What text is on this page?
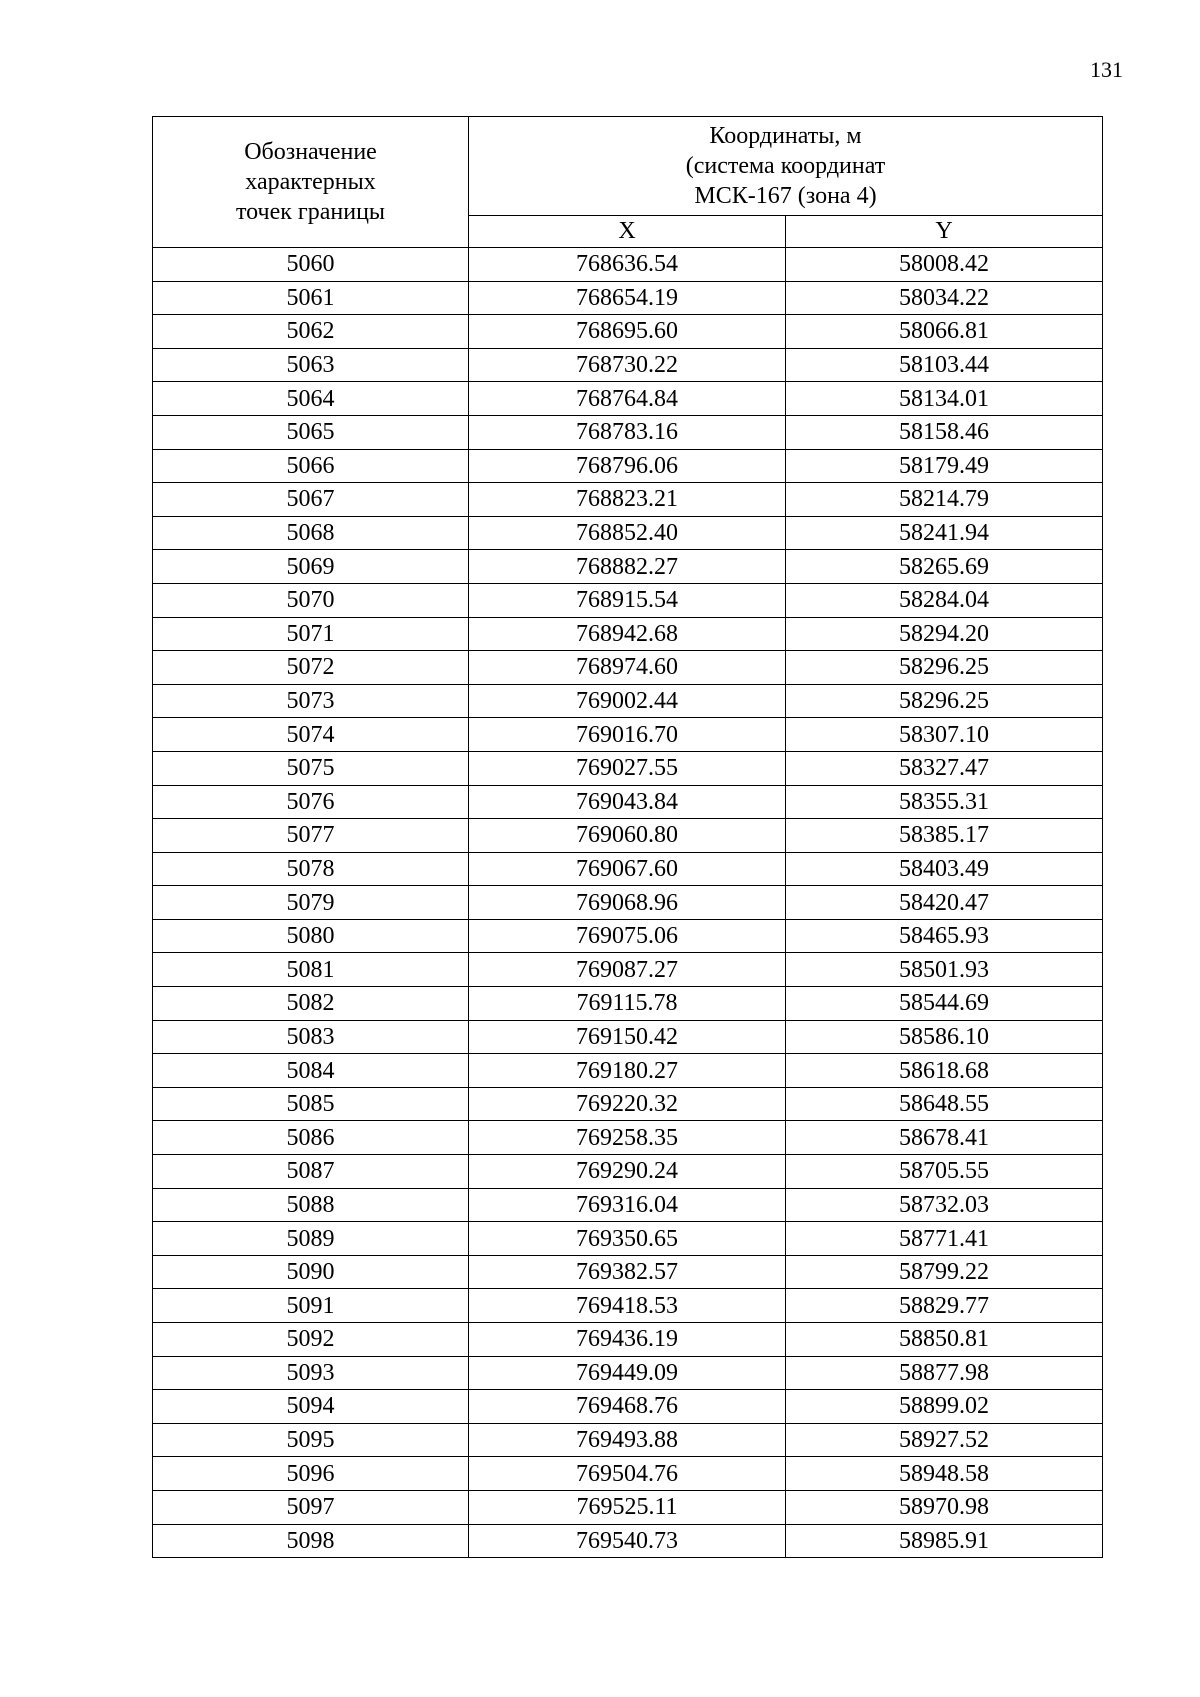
131
Обозначение
характерных
точек границы	Координаты, м
(система координат
МСК-167 (зона 4)	

	X	Y
5060	768636.54	58008.42
5061	768654.19	58034.22
5062	768695.60	58066.81
5063	768730.22	58103.44
5064	768764.84	58134.01
5065	768783.16	58158.46
5066	768796.06	58179.49
5067	768823.21	58214.79
5068	768852.40	58241.94
5069	768882.27	58265.69
5070	768915.54	58284.04
5071	768942.68	58294.20
5072	768974.60	58296.25
5073	769002.44	58296.25
5074	769016.70	58307.10
5075	769027.55	58327.47
5076	769043.84	58355.31
5077	769060.80	58385.17
5078	769067.60	58403.49
5079	769068.96	58420.47
5080	769075.06	58465.93
5081	769087.27	58501.93
5082	769115.78	58544.69
5083	769150.42	58586.10
5084	769180.27	58618.68
5085	769220.32	58648.55
5086	769258.35	58678.41
5087	769290.24	58705.55
5088	769316.04	58732.03
5089	769350.65	58771.41
5090	769382.57	58799.22
5091	769418.53	58829.77
5092	769436.19	58850.81
5093	769449.09	58877.98
5094	769468.76	58899.02
5095	769493.88	58927.52
5096	769504.76	58948.58
5097	769525.11	58970.98
5098	769540.73	58985.91
